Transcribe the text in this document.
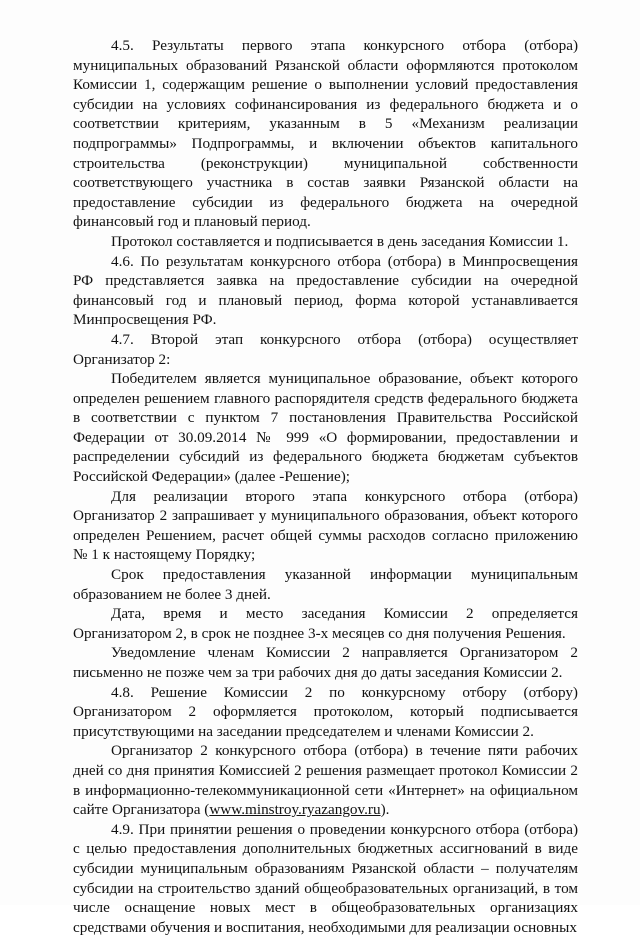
4.5. Результаты первого этапа конкурсного отбора (отбора) муниципальных образований Рязанской области оформляются протоколом Комиссии 1, содержащим решение о выполнении условий предоставления субсидии на условиях софинансирования из федерального бюджета и о соответствии критериям, указанным в 5 «Механизм реализации подпрограммы» Подпрограммы, и включении объектов капитального строительства (реконструкции) муниципальной собственности соответствующего участника в состав заявки Рязанской области на предоставление субсидии из федерального бюджета на очередной финансовый год и плановый период.

Протокол составляется и подписывается в день заседания Комиссии 1.

4.6. По результатам конкурсного отбора (отбора) в Минпросвещения РФ представляется заявка на предоставление субсидии на очередной финансовый год и плановый период, форма которой устанавливается Минпросвещения РФ.

4.7. Второй этап конкурсного отбора (отбора) осуществляет Организатор 2:

Победителем является муниципальное образование, объект которого определен решением главного распорядителя средств федерального бюджета в соответствии с пунктом 7 постановления Правительства Российской Федерации от 30.09.2014 № 999 «О формировании, предоставлении и распределении субсидий из федерального бюджета бюджетам субъектов Российской Федерации» (далее -Решение);

Для реализации второго этапа конкурсного отбора (отбора) Организатор 2 запрашивает у муниципального образования, объект которого определен Решением, расчет общей суммы расходов согласно приложению № 1 к настоящему Порядку;

Срок предоставления указанной информации муниципальным образованием не более 3 дней.

Дата, время и место заседания Комиссии 2 определяется Организатором 2, в срок не позднее 3-х месяцев со дня получения Решения.

Уведомление членам Комиссии 2 направляется Организатором 2 письменно не позже чем за три рабочих дня до даты заседания Комиссии 2.

4.8. Решение Комиссии 2 по конкурсному отбору (отбору) Организатором 2 оформляется протоколом, который подписывается присутствующими на заседании председателем и членами Комиссии 2.

Организатор 2 конкурсного отбора (отбора) в течение пяти рабочих дней со дня принятия Комиссией 2 решения размещает протокол Комиссии 2 в информационно-телекоммуникационной сети «Интернет» на официальном сайте Организатора (www.minstroy.ryazangov.ru).

4.9. При принятии решения о проведении конкурсного отбора (отбора) с целью предоставления дополнительных бюджетных ассигнований в виде субсидии муниципальным образованиям Рязанской области – получателям субсидии на строительство зданий общеобразовательных организаций, в том числе оснащение новых мест в общеобразовательных организациях средствами обучения и воспитания, необходимыми для реализации основных
